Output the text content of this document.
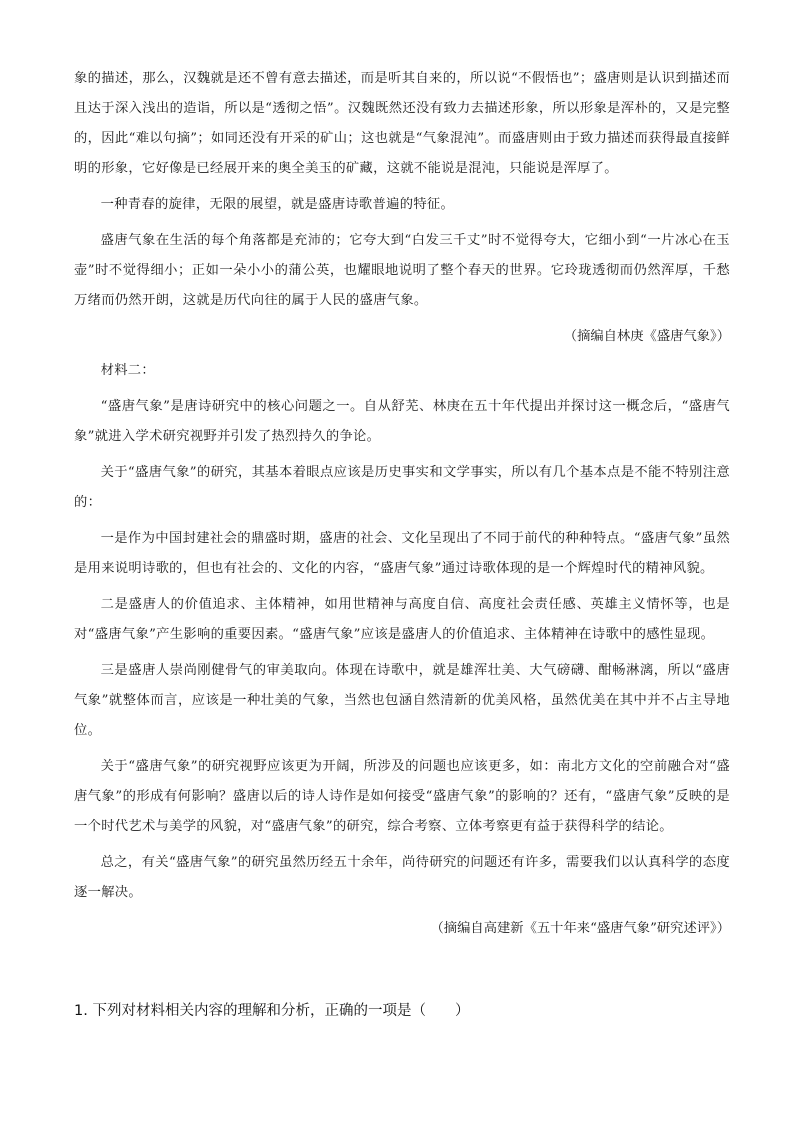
象的描述，那么，汉魏就是还不曾有意去描述，而是听其自来的，所以说“不假悟也”；盛唐则是认识到描述而且达于深入浅出的造诣，所以是“透彻之悟”。汉魏既然还没有致力去描述形象，所以形象是浑朴的，又是完整的，因此“难以句摘”；如同还没有开采的矿山；这也就是“气象混沌”。而盛唐则由于致力描述而获得最直接鲜明的形象，它好像是已经展开来的奥全美玉的矿藏，这就不能说是混沌，只能说是浑厚了。

一种青春的旋律，无限的展望，就是盛唐诗歌普遍的特征。

盛唐气象在生活的每个角落都是充沛的；它夸大到“白发三千丈”时不觉得夸大，它细小到“一片冰心在玉壶”时不觉得细小；正如一朵小小的蒲公英，也耀眼地说明了整个春天的世界。它玲珑透彻而仍然浑厚，千愁万绪而仍然开朗，这就是历代向往的属于人民的盛唐气象。

（摘编自林庚《盛唐气象》）

材料二：

“盛唐气象”是唐诗研究中的核心问题之一。自从舒芜、林庚在五十年代提出并探讨这一概念后，“盛唐气象”就进入学术研究视野并引发了热烈持久的争论。

关于“盛唐气象”的研究，其基本着眼点应该是历史事实和文学事实，所以有几个基本点是不能不特别注意的：

一是作为中国封建社会的鼎盛时期，盛唐的社会、文化呈现出了不同于前代的种种特点。“盛唐气象”虽然是用来说明诗歌的，但也有社会的、文化的内容，“盛唐气象”通过诗歌体现的是一个辉煌时代的精神风貌。

二是盛唐人的价值追求、主体精神，如用世精神与高度自信、高度社会责任感、英雄主义情怀等，也是对“盛唐气象”产生影响的重要因素。“盛唐气象”应该是盛唐人的价值追求、主体精神在诗歌中的感性显现。

三是盛唐人崇尚刚健骨气的审美取向。体现在诗歌中，就是雄浑壮美、大气磅礴、酣畅淋漓，所以“盛唐气象”就整体而言，应该是一种壮美的气象，当然也包涵自然清新的优美风格，虽然优美在其中并不占主导地位。

关于“盛唐气象”的研究视野应该更为开阔，所涉及的问题也应该更多，如：南北方文化的空前融合对“盛唐气象”的形成有何影响？盛唐以后的诗人诗作是如何接受“盛唐气象”的影响的？还有，“盛唐气象”反映的是一个时代艺术与美学的风貌，对“盛唐气象”的研究，综合考察、立体考察更有益于获得科学的结论。

总之，有关“盛唐气象”的研究虽然历经五十余年，尚待研究的问题还有许多，需要我们以认真科学的态度逐一解决。

（摘编自高建新《五十年来“盛唐气象”研究述评》）

1. 下列对材料相关内容的理解和分析，正确的一项是（　　）
